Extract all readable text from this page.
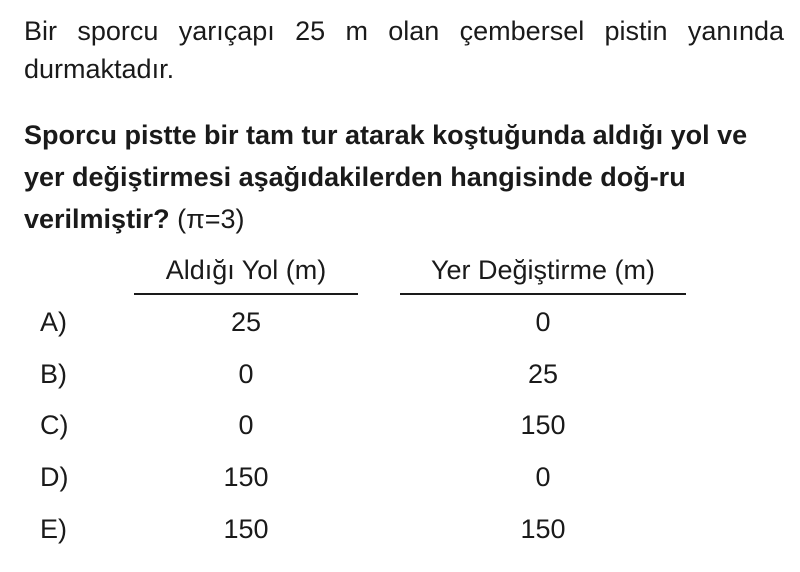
Bir sporcu yarıçapı 25 m olan çembersel pistin yanında durmaktadır.

Sporcu pistte bir tam tur atarak koştuğunda aldığı yol ve yer değiştirmesi aşağıdakilerden hangisinde doğ-ru verilmiştir? (π=3)

Aldığı Yol (m)	Yer Değiştirme (m)
A)	25	0
B)	0	25
C)	0	150
D)	150	0
E)	150	150
